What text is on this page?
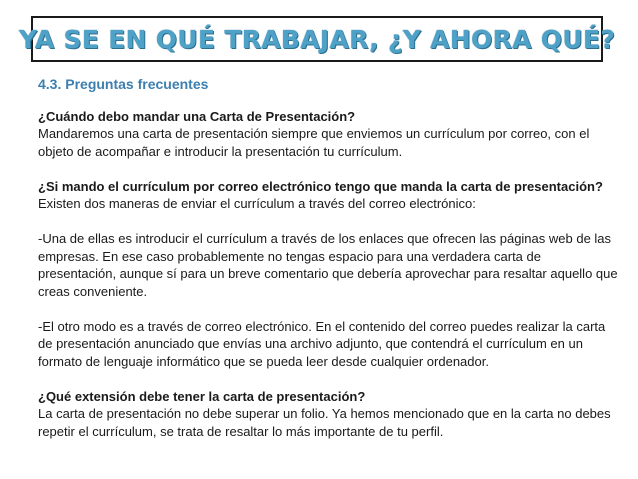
YA SE EN QUÉ TRABAJAR, ¿Y AHORA QUÉ?
4.3. Preguntas frecuentes

¿Cuándo debo mandar una Carta de Presentación?

Mandaremos una carta de presentación siempre que enviemos un currículum por correo, con el objeto de acompañar e introducir la presentación tu currículum.

¿Si mando el currículum por correo electrónico tengo que manda la carta de presentación?

Existen dos maneras de enviar el currículum a través del correo electrónico:

-Una de ellas es introducir el currículum a través de los enlaces que ofrecen las páginas web de las empresas. En ese caso probablemente no tengas espacio para una verdadera carta de presentación, aunque sí para un breve comentario que debería aprovechar para resaltar aquello que creas conveniente.

-El otro modo es a través de correo electrónico. En el contenido del correo puedes realizar la carta de presentación anunciado que envías una archivo adjunto, que contendrá el currículum en un formato de lenguaje informático que se pueda leer desde cualquier ordenador.

¿Qué extensión debe tener la carta de presentación?

La carta de presentación no debe superar un folio. Ya hemos mencionado que en la carta no debes repetir el currículum, se trata de resaltar lo más importante de tu perfil.
